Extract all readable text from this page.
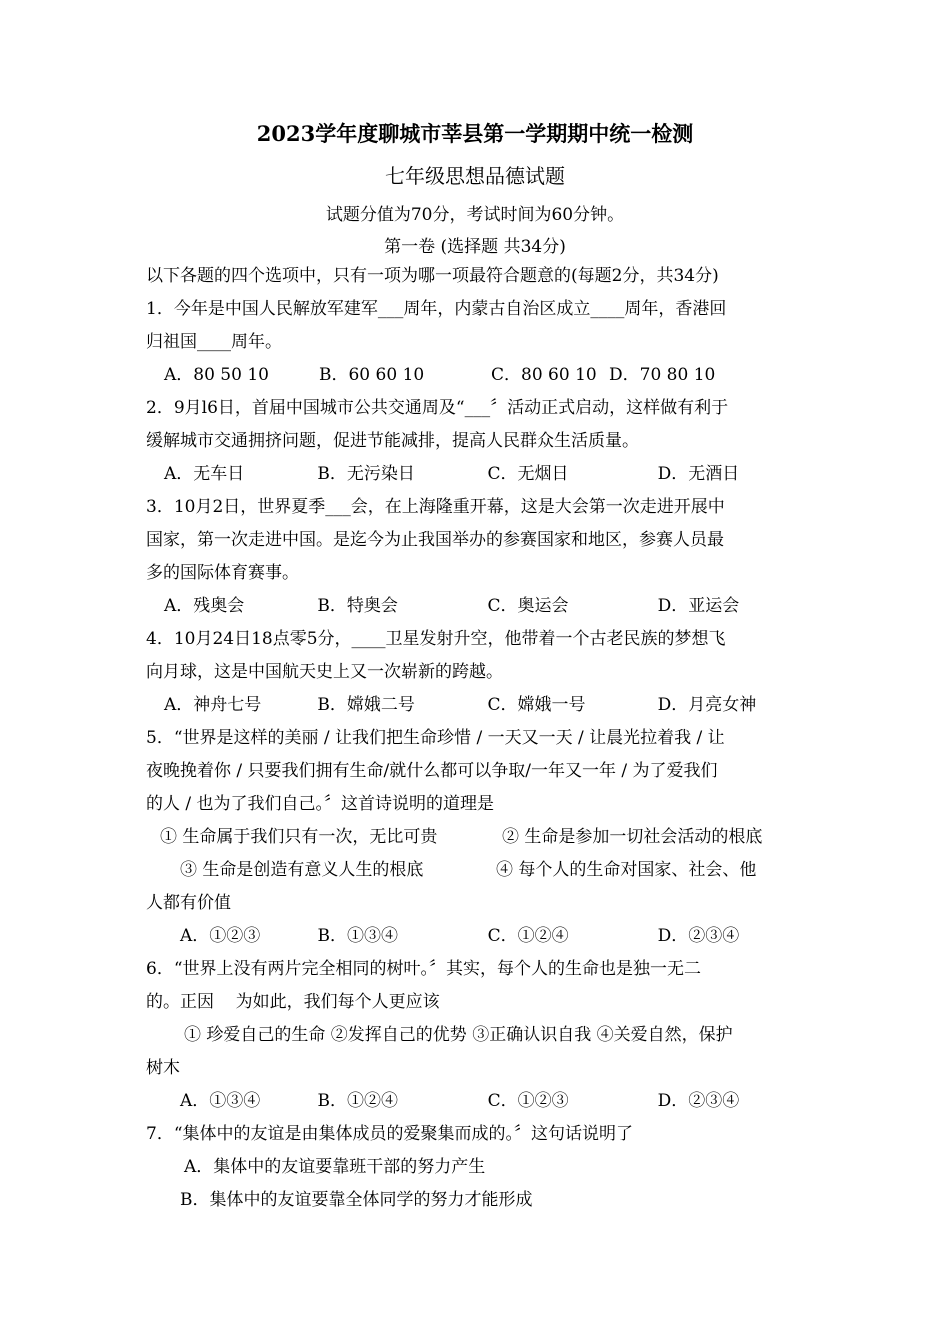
2023学年度聊城市莘县第一学期期中统一检测
七年级思想品德试题
试题分值为70分，考试时间为60分钟。
第一卷 (选择题 共34分)

以下各题的四个选项中，只有一项为哪一项最符合题意的(每题2分，共34分)

1．今年是中国人民解放军建军___周年，内蒙古自治区成立____周年，香港回

归祖国____周年。

A．80 50 10	B．60 60 10	C．80 60 10 D．70 80 10

2．9月l6日，首届中国城市公共交通周及“___〞活动正式启动，这样做有利于

缓解城市交通拥挤问题，促进节能减排，提高人民群众生活质量。

A．无车日	B．无污染日	C．无烟日	D．无酒日

3．10月2日，世界夏季___会，在上海隆重开幕，这是大会第一次走进开展中

国家，第一次走进中国。是迄今为止我国举办的参赛国家和地区，参赛人员最

多的国际体育赛事。

A．残奥会	B．特奥会	C．奥运会	D．亚运会

4．10月24日18点零5分，____卫星发射升空，他带着一个古老民族的梦想飞

向月球，这是中国航天史上又一次崭新的跨越。

A．神舟七号	B．嫦娥二号	C．嫦娥一号	D．月亮女神

5．“世界是这样的美丽 / 让我们把生命珍惜 / 一天又一天 / 让晨光拉着我 / 让

夜晚挽着你 / 只要我们拥有生命/就什么都可以争取/一年又一年 / 为了爱我们

的人 / 也为了我们自己。〞这首诗说明的道理是

① 生命属于我们只有一次，无比可贵	② 生命是参加一切社会活动的根底
③ 生命是创造有意义人生的根底	④ 每个人的生命对国家、社会、他

人都有价值

A．①②③	B．①③④	C．①②④	D．②③④

6．“世界上没有两片完全相同的树叶。〞其实，每个人的生命也是独一无二

的。正因    为如此，我们每个人更应该

① 珍爱自己的生命 ②发挥自己的优势 ③正确认识自我 ④关爱自然，保护

树木

A．①③④	B．①②④	C．①②③	D．②③④

7．“集体中的友谊是由集体成员的爱聚集而成的。〞这句话说明了

A．集体中的友谊要靠班干部的努力产生

B．集体中的友谊要靠全体同学的努力才能形成
